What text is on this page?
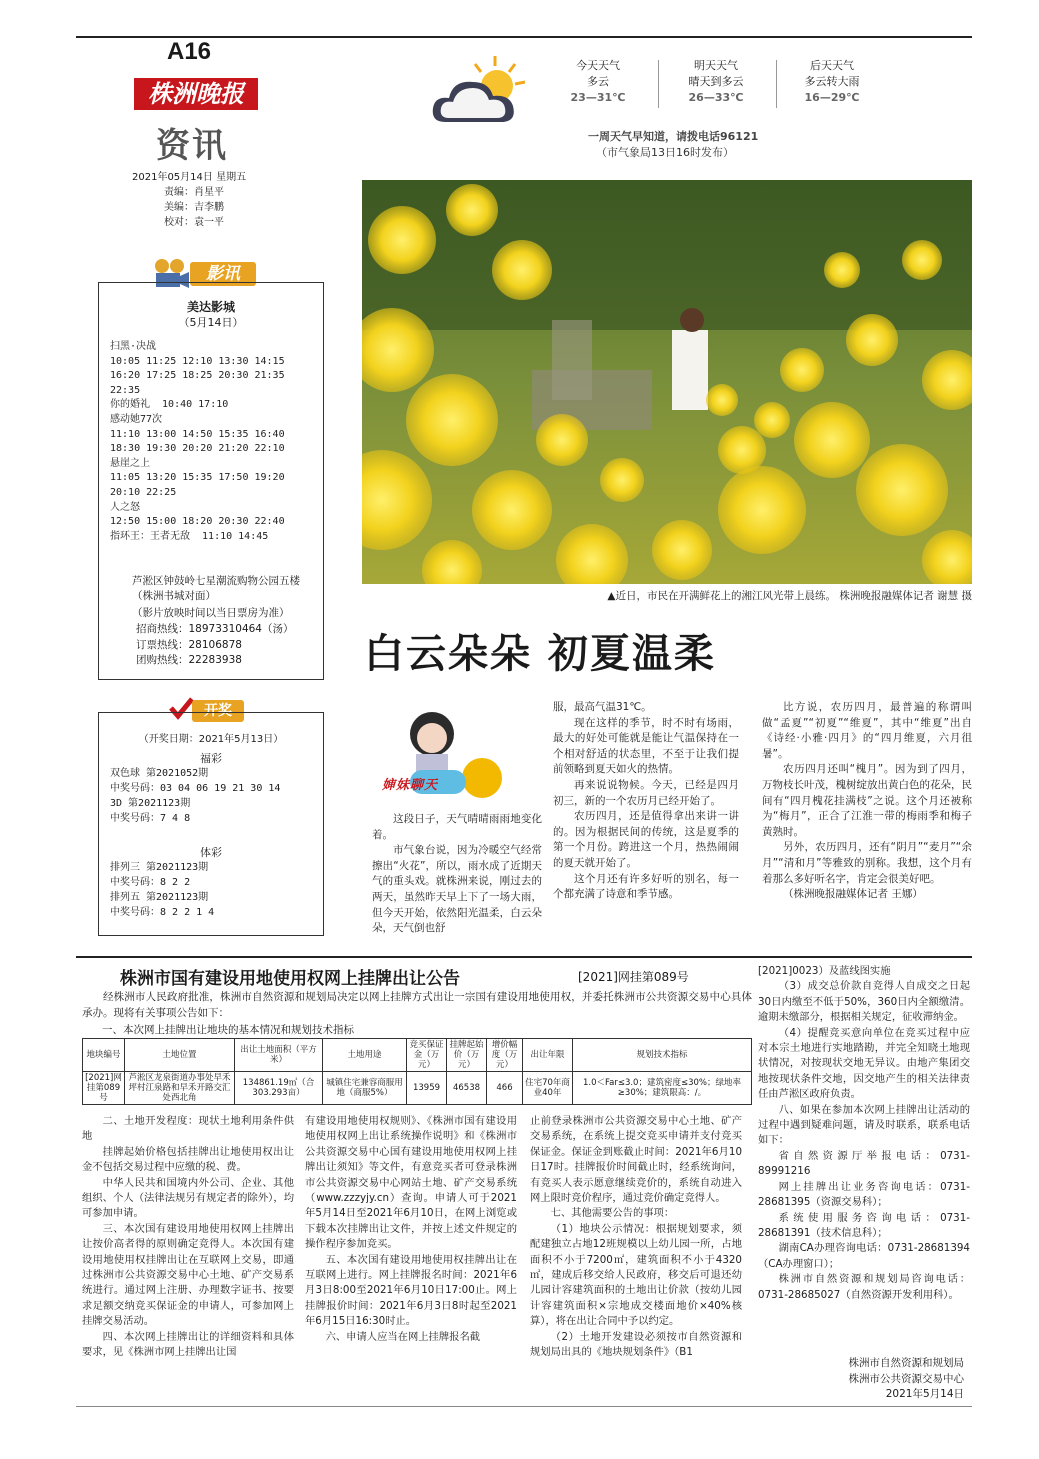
A16
株洲晚报
资讯
2021年05月14日 星期五
责编：肖星平
美编：吉李鹏
校对：袁一平
今天天气
多云
23—31℃
明天天气
晴天到多云
26—33℃
后天天气
多云转大雨
16—29℃
一周天气早知道，请拨电话96121
（市气象局13日16时发布）
影讯
美达影城
（5月14日）
扫黑·决战
10:05 11:25 12:10 13:30 14:15
16:20 17:25 18:25 20:30 21:35
22:35
你的婚礼  10:40 17:10
感动她77次
11:10 13:00 14:50 15:35 16:40
18:30 19:30 20:20 21:20 22:10
悬崖之上
11:05 13:20 15:35 17:50 19:20
20:10 22:25
人之怒
12:50 15:00 18:20 20:30 22:40
指环王：王者无敌  11:10 14:45
芦淞区钟鼓岭七星潮流购物公园五楼（株洲书城对面）
（影片放映时间以当日票房为准）
招商热线：18973310464（汤）
订票热线：28106878
团购热线：22283938
开奖
（开奖日期：2021年5月13日）
福彩
双色球 第2021052期
中奖号码：03 04 06 19 21 30 14
3D 第2021123期
中奖号码：7 4 8
体彩
排列三 第2021123期
中奖号码：8 2 2
排列五 第2021123期
中奖号码：8 2 2 1 4
▲近日，市民在开满鲜花上的湘江风光带上晨练。 株洲晚报融媒体记者 谢慧 摄
白云朵朵 初夏温柔
婶妹聊天

这段日子，天气晴晴雨雨地变化着。

市气象台说，因为冷暖空气经常擦出“火花”，所以，雨水成了近期天气的重头戏。就株洲来说，刚过去的两天，虽然昨天早上下了一场大雨，但今天开始，依然阳光温柔，白云朵朵，天气倒也舒

服，最高气温31℃。

现在这样的季节，时不时有场雨，最大的好处可能就是能让气温保持在一个相对舒适的状态里，不至于让我们提前领略到夏天如火的热情。

再来说说物候。今天，已经是四月初三，新的一个农历月已经开始了。

农历四月，还是值得拿出来讲一讲的。因为根据民间的传统，这是夏季的第一个月份。跨进这一个月，热热闹闹的夏天就开始了。

这个月还有许多好听的别名，每一个都充满了诗意和季节感。

比方说，农历四月，最普遍的称谓叫做“孟夏”“初夏”“维夏”，其中“维夏”出自《诗经·小雅·四月》的“四月维夏，六月徂暑”。

农历四月还叫“槐月”。因为到了四月，万物枝长叶茂，槐树绽放出黄白色的花朵，民间有“四月槐花挂满枝”之说。这个月还被称为“梅月”，正合了江淮一带的梅雨季和梅子黄熟时。

另外，农历四月，还有“阴月”“麦月”“余月”“清和月”等雅致的别称。我想，这个月有着那么多好听名字，肯定会很美好吧。

（株洲晚报融媒体记者 王娜）

株洲市国有建设用地使用权网上挂牌出让公告	[2021]网挂第089号
经株洲市人民政府批准，株洲市自然资源和规划局决定以网上挂牌方式出让一宗国有建设用地使用权，并委托株洲市公共资源交易中心具体承办。现将有关事项公告如下：
一、本次网上挂牌出让地块的基本情况和规划技术指标
地块编号	土地位置	出让土地面积（平方米）	土地用途	竞买保证金（万元）	挂牌起始价（万元）	增价幅度（万元）	出让年限	规划技术指标
[2021]网挂第089号	芦淞区龙泉街道办事处早禾坪村江泉路和早禾开路交汇处西北角	134861.19㎡（合303.293亩）	城镇住宅兼容商服用地（商服5%）	13959	46538	466	住宅70年商业40年	1.0＜Far≤3.0；建筑密度≤30%；绿地率≥30%；建筑限高：/。

二、土地开发程度：现状土地利用条件供地

挂牌起始价格包括挂牌出让地使用权出让金不包括交易过程中应缴的税、费。

中华人民共和国境内外公司、企业、其他组织、个人（法律法规另有规定者的除外），均可参加申请。

三、本次国有建设用地使用权网上挂牌出让按价高者得的原则确定竞得人。本次国有建设用地使用权挂牌出让在互联网上交易，即通过株洲市公共资源交易中心土地、矿产交易系统进行。通过网上注册、办理数字证书、按要求足额交纳竞买保证金的申请人，可参加网上挂牌交易活动。

四、本次网上挂牌出让的详细资料和具体要求，见《株洲市网上挂牌出让国

有建设用地使用权规则》、《株洲市国有建设用地使用权网上出让系统操作说明》和《株洲市公共资源交易中心国有建设用地使用权网上挂牌出让须知》等文件，有意竞买者可登录株洲市公共资源交易中心网站土地、矿产交易系统（www.zzzyjy.cn）查询。申请人可于2021年5月14日至2021年6月10日，在网上浏览或下载本次挂牌出让文件，并按上述文件规定的操作程序参加竞买。

五、本次国有建设用地使用权挂牌出让在互联网上进行。网上挂牌报名时间：2021年6月3日8:00至2021年6月10日17:00止。网上挂牌报价时间：2021年6月3日8时起至2021年6月15日16:30时止。

六、申请人应当在网上挂牌报名截

止前登录株洲市公共资源交易中心土地、矿产交易系统，在系统上提交竞买申请并支付竞买保证金。保证金到账截止时间：2021年6月10日17时。挂牌报价时间截止时，经系统询问，有竞买人表示愿意继续竞价的，系统自动进入网上限时竞价程序，通过竞价确定竞得人。

七、其他需要公告的事项：

（1）地块公示情况：根据规划要求，须配建独立占地12班规模以上幼儿园一所，占地面积不小于7200㎡，建筑面积不小于4320㎡，建成后移交给人民政府，移交后可退还幼儿园计容建筑面积的土地出让价款（按幼儿园计容建筑面积×宗地成交楼面地价×40%核算），将在出让合同中予以约定。

（2）土地开发建设必须按市自然资源和规划局出具的《地块规划条件》（B1

[2021]0023）及蓝线图实施

（3）成交总价款自竞得人自成交之日起30日内缴至不低于50%，360日内全额缴清。逾期未缴部分，根据相关规定，征收滞纳金。

（4）提醒竞买意向单位在竞买过程中应对本宗土地进行实地踏勘，并完全知晓土地现状情况，对按现状交地无异议。由地产集团交地按现状条件交地，因交地产生的相关法律责任由芦淞区政府负责。

八、如果在参加本次网上挂牌出让活动的过程中遇到疑难问题，请及时联系，联系电话如下：

省自然资源厅举报电话：0731-89991216

网上挂牌出让业务咨询电话：0731-28681395（资源交易科）；

系统使用服务咨询电话：0731-28681391（技术信息科）；

湖南CA办理咨询电话：0731-28681394（CA办理窗口）；

株洲市自然资源和规划局咨询电话：0731-28685027（自然资源开发利用科）。

株洲市自然资源和规划局
株洲市公共资源交易中心
2021年5月14日
